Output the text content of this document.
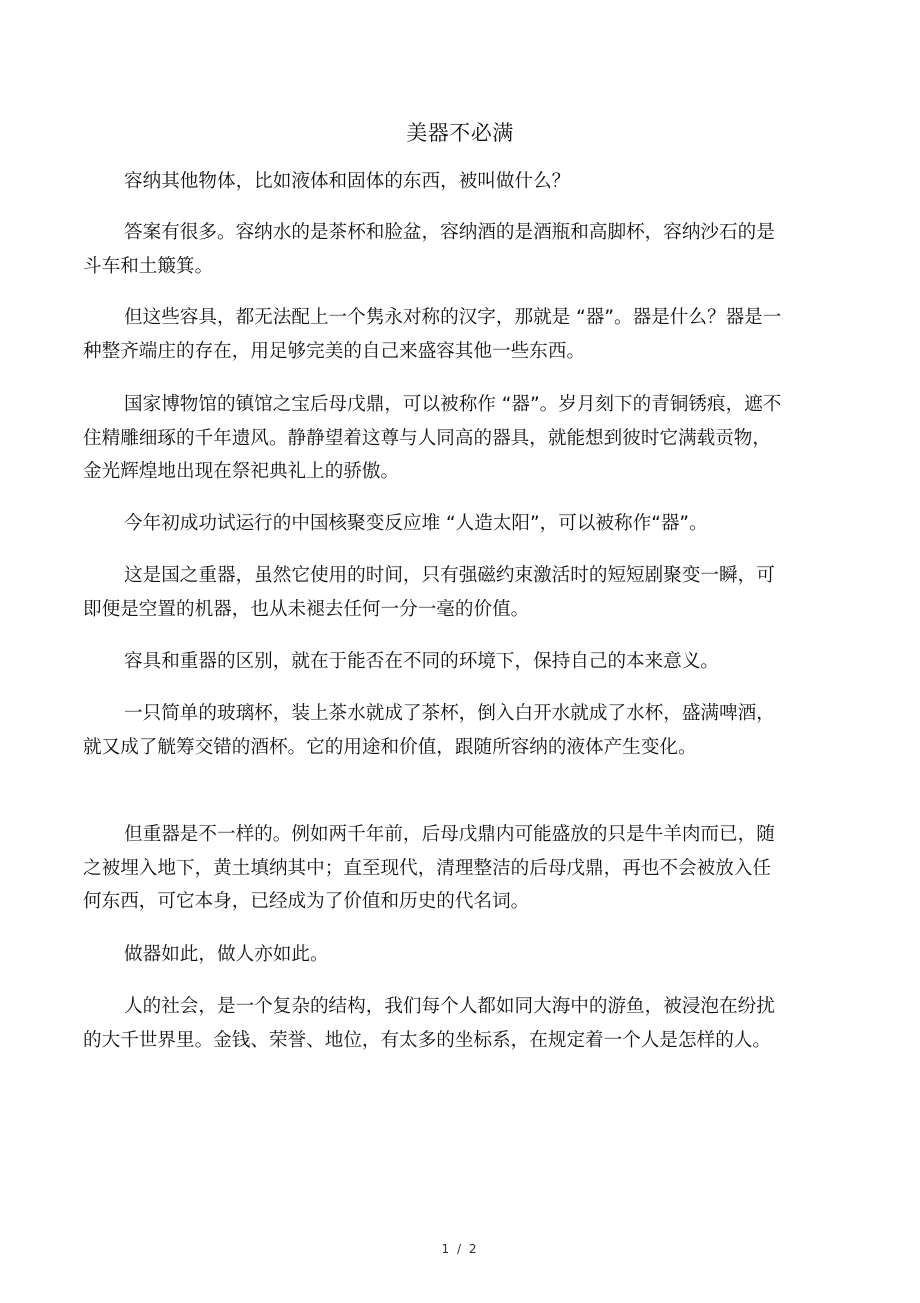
美器不必满

容纳其他物体，比如液体和固体的东西，被叫做什么？

答案有很多。容纳水的是茶杯和脸盆，容纳酒的是酒瓶和高脚杯，容纳沙石的是斗车和土簸箕。

但这些容具，都无法配上一个隽永对称的汉字，那就是 “器”。器是什么？器是一种整齐端庄的存在，用足够完美的自己来盛容其他一些东西。

国家博物馆的镇馆之宝后母戊鼎，可以被称作 “器”。岁月刻下的青铜锈痕，遮不住精雕细琢的千年遗风。静静望着这尊与人同高的器具，就能想到彼时它满载贡物，金光辉煌地出现在祭祀典礼上的骄傲。

今年初成功试运行的中国核聚变反应堆 “人造太阳”，可以被称作“器”。

这是国之重器，虽然它使用的时间，只有强磁约束激活时的短短剧聚变一瞬，可即便是空置的机器，也从未褪去任何一分一毫的价值。

容具和重器的区别，就在于能否在不同的环境下，保持自己的本来意义。

一只简单的玻璃杯，装上茶水就成了茶杯，倒入白开水就成了水杯，盛满啤酒，就又成了觥筹交错的酒杯。它的用途和价值，跟随所容纳的液体产生变化。

但重器是不一样的。例如两千年前，后母戊鼎内可能盛放的只是牛羊肉而已，随之被埋入地下，黄土填纳其中；直至现代，清理整洁的后母戊鼎，再也不会被放入任何东西，可它本身，已经成为了价值和历史的代名词。

做器如此，做人亦如此。

人的社会，是一个复杂的结构，我们每个人都如同大海中的游鱼，被浸泡在纷扰的大千世界里。金钱、荣誉、地位，有太多的坐标系，在规定着一个人是怎样的人。

1 / 2
